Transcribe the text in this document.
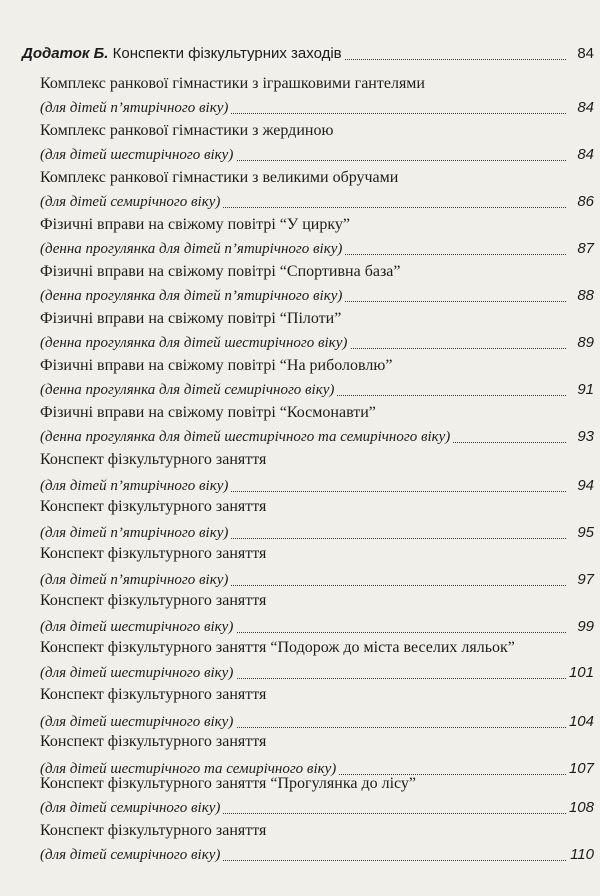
Додаток Б. Конспекти фізкультурних заходів	84
Комплекс ранкової гімнастики з іграшковими гантелями
(для дітей п’ятирічного віку)	84
Комплекс ранкової гімнастики з жердиною
(для дітей шестирічного віку)	84
Комплекс ранкової гімнастики з великими обручами
(для дітей семирічного віку)	86
Фізичні вправи на свіжому повітрі “У цирку”
(денна прогулянка для дітей п’ятирічного віку)	87
Фізичні вправи на свіжому повітрі “Спортивна база”
(денна прогулянка для дітей п’ятирічного віку)	88
Фізичні вправи на свіжому повітрі “Пілоти”
(денна прогулянка для дітей шестирічного віку)	89
Фізичні вправи на свіжому повітрі “На риболовлю”
(денна прогулянка для дітей семирічного віку)	91
Фізичні вправи на свіжому повітрі “Космонавти”
(денна прогулянка для дітей шестирічного та семирічного віку)	93
Конспект фізкультурного заняття
(для дітей п’ятирічного віку)	94
Конспект фізкультурного заняття
(для дітей п’ятирічного віку)	95
Конспект фізкультурного заняття
(для дітей п’ятирічного віку)	97
Конспект фізкультурного заняття
(для дітей шестирічного віку)	99
Конспект фізкультурного заняття “Подорож до міста веселих ляльок”
(для дітей шестирічного віку)	101
Конспект фізкультурного заняття
(для дітей шестирічного віку)	104
Конспект фізкультурного заняття
(для дітей шестирічного та семирічного віку)	107
Конспект фізкультурного заняття “Прогулянка до лісу”
(для дітей семирічного віку)	108
Конспект фізкультурного заняття
(для дітей семирічного віку)	110
